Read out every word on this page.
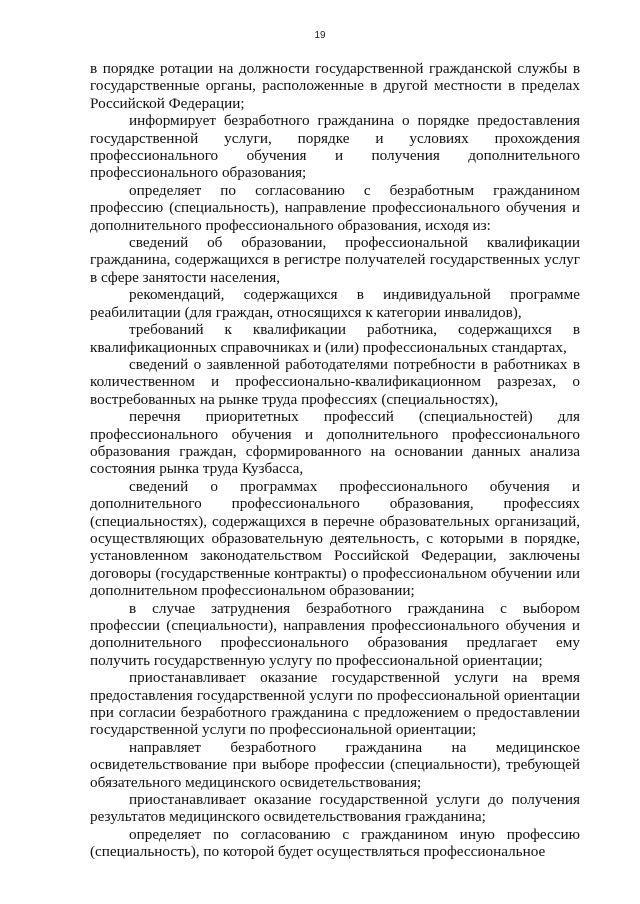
19

в порядке ротации на должности государственной гражданской службы в государственные органы, расположенные в другой местности в пределах Российской Федерации;

информирует безработного гражданина о порядке предоставления государственной услуги, порядке и условиях прохождения профессионального обучения и получения дополнительного профессионального образования;

определяет по согласованию с безработным гражданином профессию (специальность), направление профессионального обучения и дополнительного профессионального образования, исходя из:

сведений об образовании, профессиональной квалификации гражданина, содержащихся в регистре получателей государственных услуг в сфере занятости населения,

рекомендаций, содержащихся в индивидуальной программе реабилитации (для граждан, относящихся к категории инвалидов),

требований к квалификации работника, содержащихся в квалификационных справочниках и (или) профессиональных стандартах,

сведений о заявленной работодателями потребности в работниках в количественном и профессионально-квалификационном разрезах, о востребованных на рынке труда профессиях (специальностях),

перечня приоритетных профессий (специальностей) для профессионального обучения и дополнительного профессионального образования граждан, сформированного на основании данных анализа состояния рынка труда Кузбасса,

сведений о программах профессионального обучения и дополнительного профессионального образования, профессиях (специальностях), содержащихся в перечне образовательных организаций, осуществляющих образовательную деятельность, с которыми в порядке, установленном законодательством Российской Федерации, заключены договоры (государственные контракты) о профессиональном обучении или дополнительном профессиональном образовании;

в случае затруднения безработного гражданина с выбором профессии (специальности), направления профессионального обучения и дополнительного профессионального образования предлагает ему получить государственную услугу по профессиональной ориентации;

приостанавливает оказание государственной услуги на время предоставления государственной услуги по профессиональной ориентации при согласии безработного гражданина с предложением о предоставлении государственной услуги по профессиональной ориентации;

направляет безработного гражданина на медицинское освидетельствование при выборе профессии (специальности), требующей обязательного медицинского освидетельствования;

приостанавливает оказание государственной услуги до получения результатов медицинского освидетельствования гражданина;

определяет по согласованию с гражданином иную профессию (специальность), по которой будет осуществляться профессиональное
